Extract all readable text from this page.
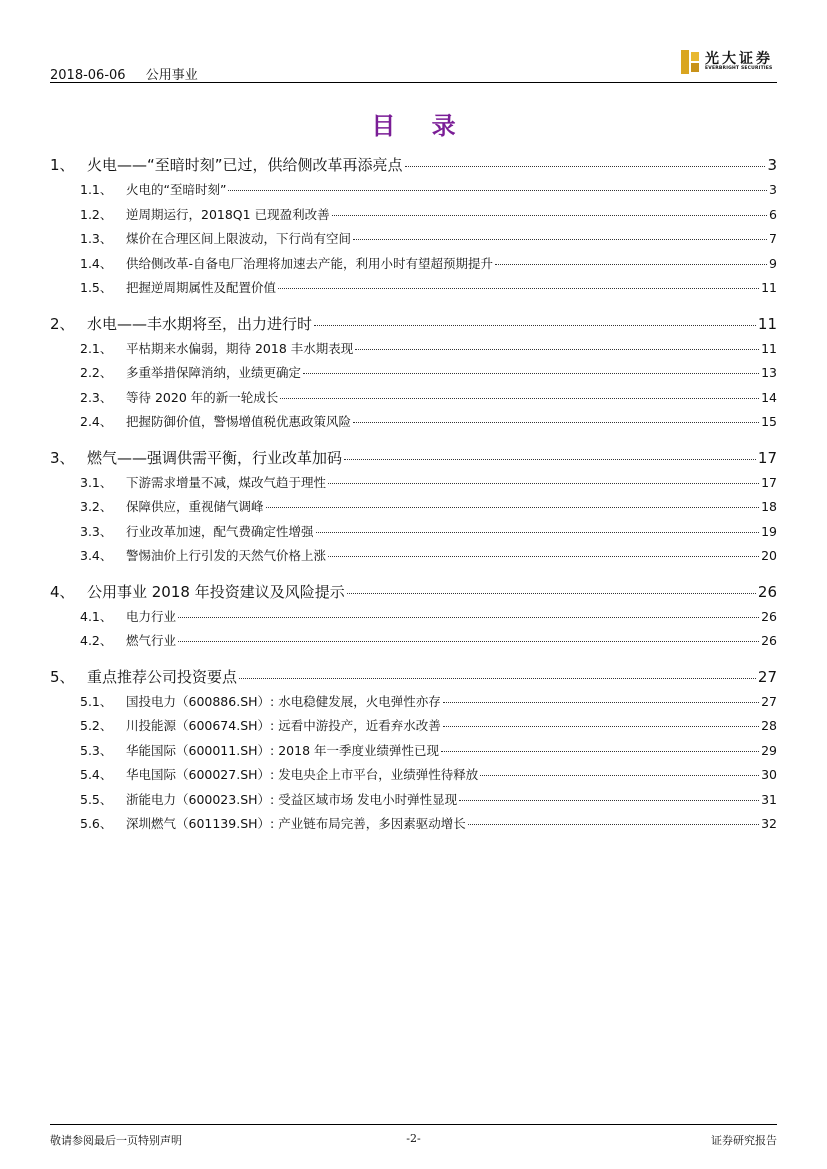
2018-06-06 公用事业
光大证券
EVERBRIGHT SECURITIES
目 录
1、 火电——“至暗时刻”已过，供给侧改革再添亮点	3
1.1、	火电的“至暗时刻”	3
1.2、	逆周期运行，2018Q1 已现盈利改善	6
1.3、	煤价在合理区间上限波动，下行尚有空间	7
1.4、	供给侧改革-自备电厂治理将加速去产能，利用小时有望超预期提升	9
1.5、	把握逆周期属性及配置价值	11
2、 水电——丰水期将至，出力进行时	11
2.1、	平枯期来水偏弱，期待 2018 丰水期表现	11
2.2、	多重举措保障消纳，业绩更确定	13
2.3、	等待 2020 年的新一轮成长	14
2.4、	把握防御价值，警惕增值税优惠政策风险	15
3、 燃气——强调供需平衡，行业改革加码	17
3.1、	下游需求增量不减，煤改气趋于理性	17
3.2、	保障供应，重视储气调峰	18
3.3、	行业改革加速，配气费确定性增强	19
3.4、	警惕油价上行引发的天然气价格上涨	20
4、 公用事业 2018 年投资建议及风险提示	26
4.1、	电力行业	26
4.2、	燃气行业	26
5、 重点推荐公司投资要点	27
5.1、	国投电力（600886.SH）: 水电稳健发展，火电弹性亦存	27
5.2、	川投能源（600674.SH）: 远看中游投产，近看弃水改善	28
5.3、	华能国际（600011.SH）: 2018 年一季度业绩弹性已现	29
5.4、	华电国际（600027.SH）: 发电央企上市平台，业绩弹性待释放	30
5.5、	浙能电力（600023.SH）: 受益区域市场 发电小时弹性显现	31
5.6、	深圳燃气（601139.SH）: 产业链布局完善，多因素驱动增长	32
敬请参阅最后一页特别声明	-2-	证券研究报告
